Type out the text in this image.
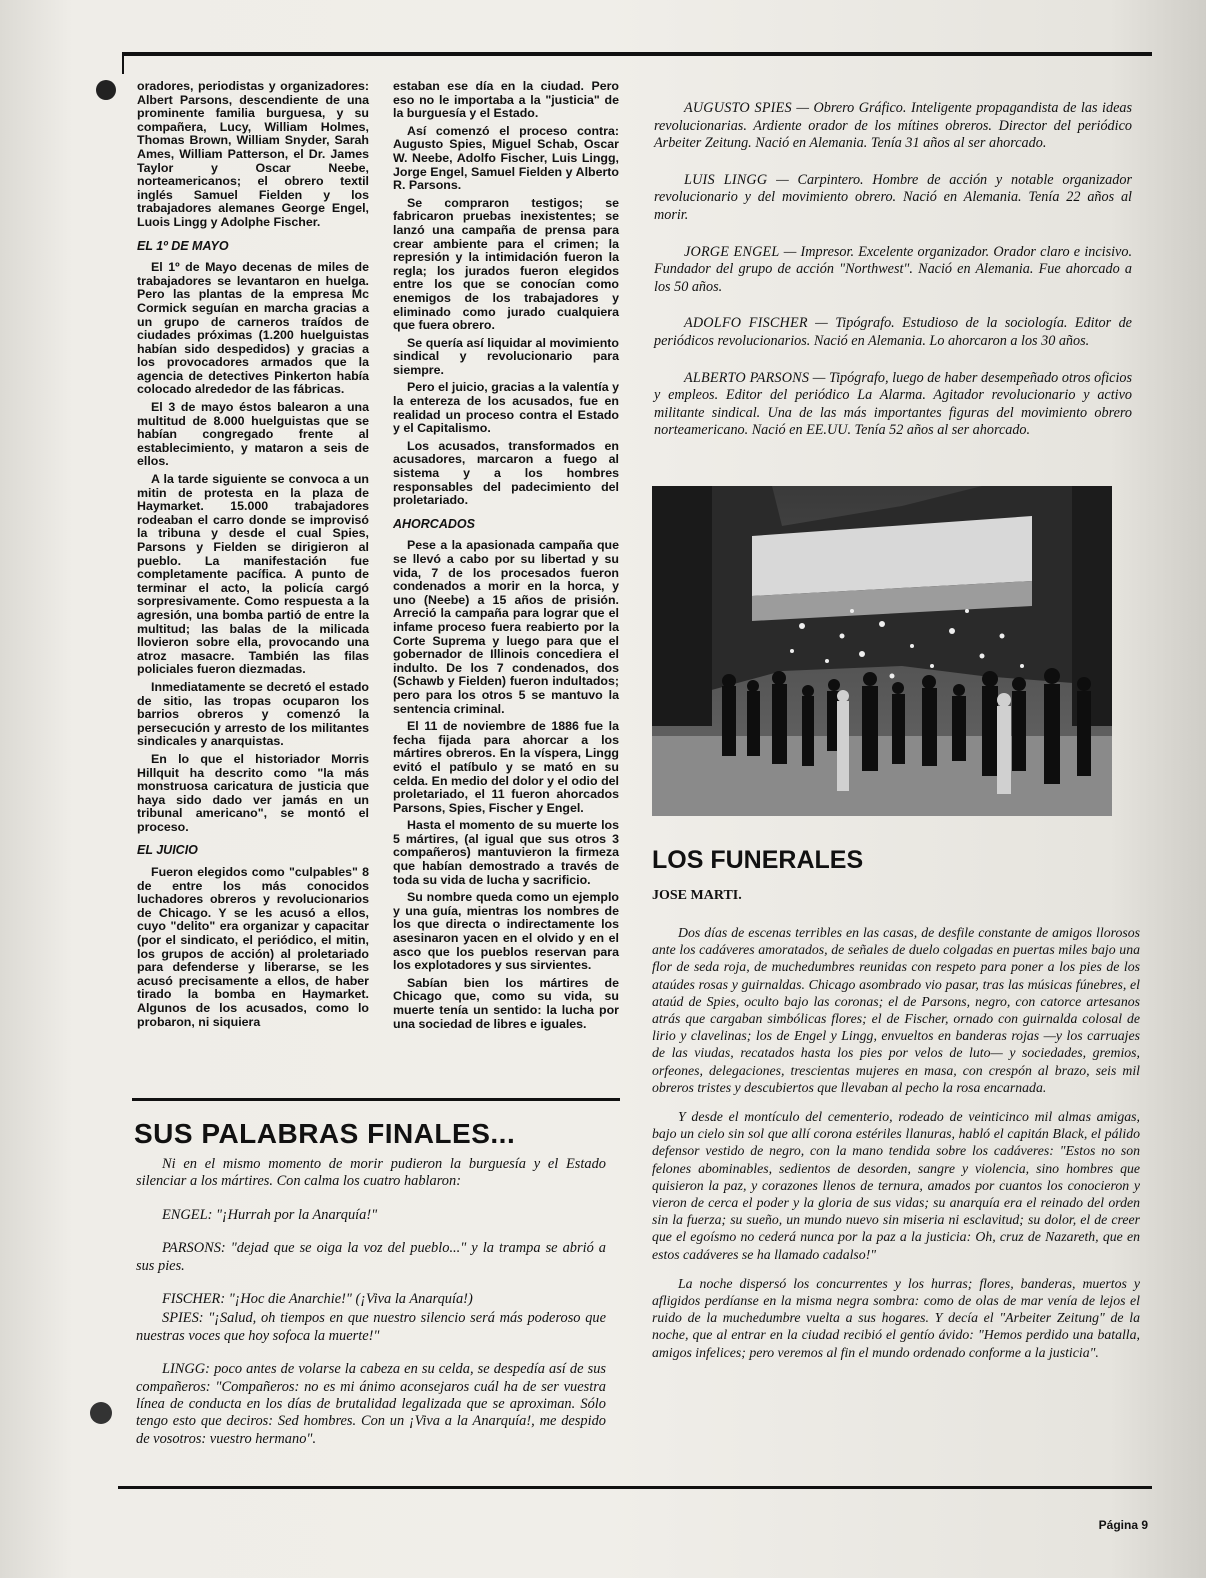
oradores, periodistas y organizadores: Albert Parsons, descendiente de una prominente familia burguesa, y su compañera, Lucy, William Holmes, Thomas Brown, William Snyder, Sarah Ames, William Patterson, el Dr. James Taylor y Oscar Neebe, norteamericanos; el obrero textil inglés Samuel Fielden y los trabajadores alemanes George Engel, Luois Lingg y Adolphe Fischer.

EL 1º DE MAYO

El 1º de Mayo decenas de miles de trabajadores se levantaron en huelga. Pero las plantas de la empresa Mc Cormick seguían en marcha gracias a un grupo de carneros traídos de ciudades próximas (1.200 huelguistas habían sido despedidos) y gracias a los provocadores armados que la agencia de detectives Pinkerton había colocado alrededor de las fábricas.

El 3 de mayo éstos balearon a una multitud de 8.000 huelguistas que se habían congregado frente al establecimiento, y mataron a seis de ellos.

A la tarde siguiente se convoca a un mitin de protesta en la plaza de Haymarket. 15.000 trabajadores rodeaban el carro donde se improvisó la tribuna y desde el cual Spies, Parsons y Fielden se dirigieron al pueblo. La manifestación fue completamente pacífica. A punto de terminar el acto, la policía cargó sorpresivamente. Como respuesta a la agresión, una bomba partió de entre la multitud; las balas de la milicada llovieron sobre ella, provocando una atroz masacre. También las filas policiales fueron diezmadas.

Inmediatamente se decretó el estado de sitio, las tropas ocuparon los barrios obreros y comenzó la persecución y arresto de los militantes sindicales y anarquistas.

En lo que el historiador Morris Hillquit ha descrito como "la más monstruosa caricatura de justicia que haya sido dado ver jamás en un tribunal americano", se montó el proceso.

EL JUICIO

Fueron elegidos como "culpables" 8 de entre los más conocidos luchadores obreros y revolucionarios de Chicago. Y se les acusó a ellos, cuyo "delito" era organizar y capacitar (por el sindicato, el periódico, el mitin, los grupos de acción) al proletariado para defenderse y liberarse, se les acusó precisamente a ellos, de haber tirado la bomba en Haymarket. Algunos de los acusados, como lo probaron, ni siquiera

estaban ese día en la ciudad. Pero eso no le importaba a la "justicia" de la burguesía y el Estado.

Así comenzó el proceso contra: Augusto Spies, Miguel Schab, Oscar W. Neebe, Adolfo Fischer, Luis Lingg, Jorge Engel, Samuel Fielden y Alberto R. Parsons.

Se compraron testigos; se fabricaron pruebas inexistentes; se lanzó una campaña de prensa para crear ambiente para el crimen; la represión y la intimidación fueron la regla; los jurados fueron elegidos entre los que se conocían como enemigos de los trabajadores y eliminado como jurado cualquiera que fuera obrero.

Se quería así liquidar al movimiento sindical y revolucionario para siempre.

Pero el juicio, gracias a la valentía y la entereza de los acusados, fue en realidad un proceso contra el Estado y el Capitalismo.

Los acusados, transformados en acusadores, marcaron a fuego al sistema y a los hombres responsables del padecimiento del proletariado.

AHORCADOS

Pese a la apasionada campaña que se llevó a cabo por su libertad y su vida, 7 de los procesados fueron condenados a morir en la horca, y uno (Neebe) a 15 años de prisión. Arreció la campaña para lograr que el infame proceso fuera reabierto por la Corte Suprema y luego para que el gobernador de Illinois concediera el indulto. De los 7 condenados, dos (Schawb y Fielden) fueron indultados; pero para los otros 5 se mantuvo la sentencia criminal.

El 11 de noviembre de 1886 fue la fecha fijada para ahorcar a los mártires obreros. En la víspera, Lingg evitó el patíbulo y se mató en su celda. En medio del dolor y el odio del proletariado, el 11 fueron ahorcados Parsons, Spies, Fischer y Engel.

Hasta el momento de su muerte los 5 mártires, (al igual que sus otros 3 compañeros) mantuvieron la firmeza que habían demostrado a través de toda su vida de lucha y sacrificio.

Su nombre queda como un ejemplo y una guía, mientras los nombres de los que directa o indirectamente los asesinaron yacen en el olvido y en el asco que los pueblos reservan para los explotadores y sus sirvientes.

Sabían bien los mártires de Chicago que, como su vida, su muerte tenía un sentido: la lucha por una sociedad de libres e iguales.

AUGUSTO SPIES — Obrero Gráfico. Inteligente propagandista de las ideas revolucionarias. Ardiente orador de los mítines obreros. Director del periódico Arbeiter Zeitung. Nació en Alemania. Tenía 31 años al ser ahorcado.

LUIS LINGG — Carpintero. Hombre de acción y notable organizador revolucionario y del movimiento obrero. Nació en Alemania. Tenía 22 años al morir.

JORGE ENGEL — Impresor. Excelente organizador. Orador claro e incisivo. Fundador del grupo de acción "Northwest". Nació en Alemania. Fue ahorcado a los 50 años.

ADOLFO FISCHER — Tipógrafo. Estudioso de la sociología. Editor de periódicos revolucionarios. Nació en Alemania. Lo ahorcaron a los 30 años.

ALBERTO PARSONS — Tipógrafo, luego de haber desempeñado otros oficios y empleos. Editor del periódico La Alarma. Agitador revolucionario y activo militante sindical. Una de las más importantes figuras del movimiento obrero norteamericano. Nació en EE.UU. Tenía 52 años al ser ahorcado.

LOS FUNERALES
JOSE MARTI.

Dos días de escenas terribles en las casas, de desfile constante de amigos llorosos ante los cadáveres amoratados, de señales de duelo colgadas en puertas miles bajo una flor de seda roja, de muchedumbres reunidas con respeto para poner a los pies de los ataúdes rosas y guirnaldas. Chicago asombrado vio pasar, tras las músicas fúnebres, el ataúd de Spies, oculto bajo las coronas; el de Parsons, negro, con catorce artesanos atrás que cargaban simbólicas flores; el de Fischer, ornado con guirnalda colosal de lirio y clavelinas; los de Engel y Lingg, envueltos en banderas rojas —y los carruajes de las viudas, recatados hasta los pies por velos de luto— y sociedades, gremios, orfeones, delegaciones, trescientas mujeres en masa, con crespón al brazo, seis mil obreros tristes y descubiertos que llevaban al pecho la rosa encarnada.

Y desde el montículo del cementerio, rodeado de veinticinco mil almas amigas, bajo un cielo sin sol que allí corona estériles llanuras, habló el capitán Black, el pálido defensor vestido de negro, con la mano tendida sobre los cadáveres: "Estos no son felones abominables, sedientos de desorden, sangre y violencia, sino hombres que quisieron la paz, y corazones llenos de ternura, amados por cuantos los conocieron y vieron de cerca el poder y la gloria de sus vidas; su anarquía era el reinado del orden sin la fuerza; su sueño, un mundo nuevo sin miseria ni esclavitud; su dolor, el de creer que el egoísmo no cederá nunca por la paz a la justicia: Oh, cruz de Nazareth, que en estos cadáveres se ha llamado cadalso!"

La noche dispersó los concurrentes y los hurras; flores, banderas, muertos y afligidos perdíanse en la misma negra sombra: como de olas de mar venía de lejos el ruido de la muchedumbre vuelta a sus hogares. Y decía el "Arbeiter Zeitung" de la noche, que al entrar en la ciudad recibió el gentío ávido: "Hemos perdido una batalla, amigos infelices; pero veremos al fin el mundo ordenado conforme a la justicia".

SUS PALABRAS FINALES...

Ni en el mismo momento de morir pudieron la burguesía y el Estado silenciar a los mártires. Con calma los cuatro hablaron:

ENGEL: "¡Hurrah por la Anarquía!"

PARSONS: "dejad que se oiga la voz del pueblo..." y la trampa se abrió a sus pies.

FISCHER: "¡Hoc die Anarchie!" (¡Viva la Anarquía!)

SPIES: "¡Salud, oh tiempos en que nuestro silencio será más poderoso que nuestras voces que hoy sofoca la muerte!"

LINGG: poco antes de volarse la cabeza en su celda, se despedía así de sus compañeros: "Compañeros: no es mi ánimo aconsejaros cuál ha de ser vuestra línea de conducta en los días de brutalidad legalizada que se aproximan. Sólo tengo esto que deciros: Sed hombres. Con un ¡Viva a la Anarquía!, me despido de vosotros: vuestro hermano".

Página 9
